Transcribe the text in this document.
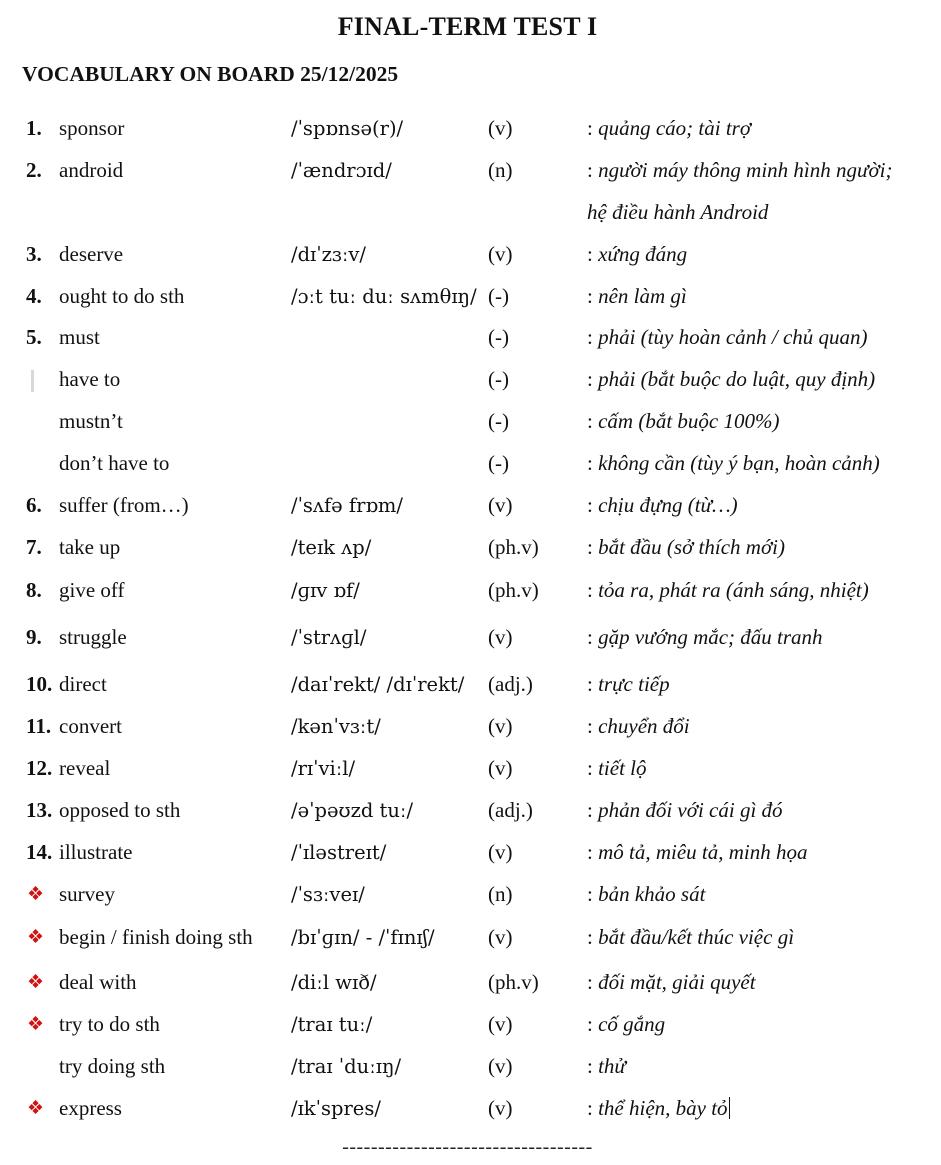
FINAL-TERM TEST I
VOCABULARY ON BOARD 25/12/2025
1. sponsor	/ˈspɒnsə(r)/	(v)	: quảng cáo; tài trợ
2. android	/ˈændrɔɪd/	(n)	: người máy thông minh hình người;
hệ điều hành Android
3. deserve	/dɪˈzɜːv/	(v)	: xứng đáng
4. ought to do sth	/ɔːt tuː duː sʌmθɪŋ/ (-)	: nên làm gì
5. must	(-)	: phải (tùy hoàn cảnh / chủ quan)
have to	(-)	: phải (bắt buộc do luật, quy định)
mustn’t	(-)	: cấm (bắt buộc 100%)
don’t have to	(-)	: không cần (tùy ý bạn, hoàn cảnh)
6. suffer (from…)	/ˈsʌfə frɒm/	(v)	: chịu đựng (từ…)
7. take up	/teɪk ʌp/	(ph.v) : bắt đầu (sở thích mới)
8. give off	/ɡɪv ɒf/	(ph.v) : tỏa ra, phát ra (ánh sáng, nhiệt)
9. struggle	/ˈstrʌɡl/	(v)	: gặp vướng mắc; đấu tranh
10. direct	/daɪˈrekt/ /dɪˈrekt/ (adj.)	: trực tiếp
11. convert	/kənˈvɜːt/	(v)	: chuyển đổi
12. reveal	/rɪˈviːl/	(v)	: tiết lộ
13. opposed to sth	/əˈpəʊzd tuː/	(adj.)	: phản đối với cái gì đó
14. illustrate	/ˈɪləstreɪt/	(v)	: mô tả, miêu tả, minh họa
❖ survey	/ˈsɜːveɪ/	(n)	: bản khảo sát
❖ begin / finish doing sth /bɪˈɡɪn/ - /ˈfɪnɪʃ/	(v)	: bắt đầu/kết thúc việc gì
❖ deal with	/diːl wɪð/	(ph.v) : đối mặt, giải quyết
❖ try to do sth	/traɪ tuː/	(v)	: cố gắng
try doing sth	/traɪ ˈduːɪŋ/	(v)	: thử
❖ express	/ɪkˈspres/	(v)	: thể hiện, bày tỏ
-----------------------------------
